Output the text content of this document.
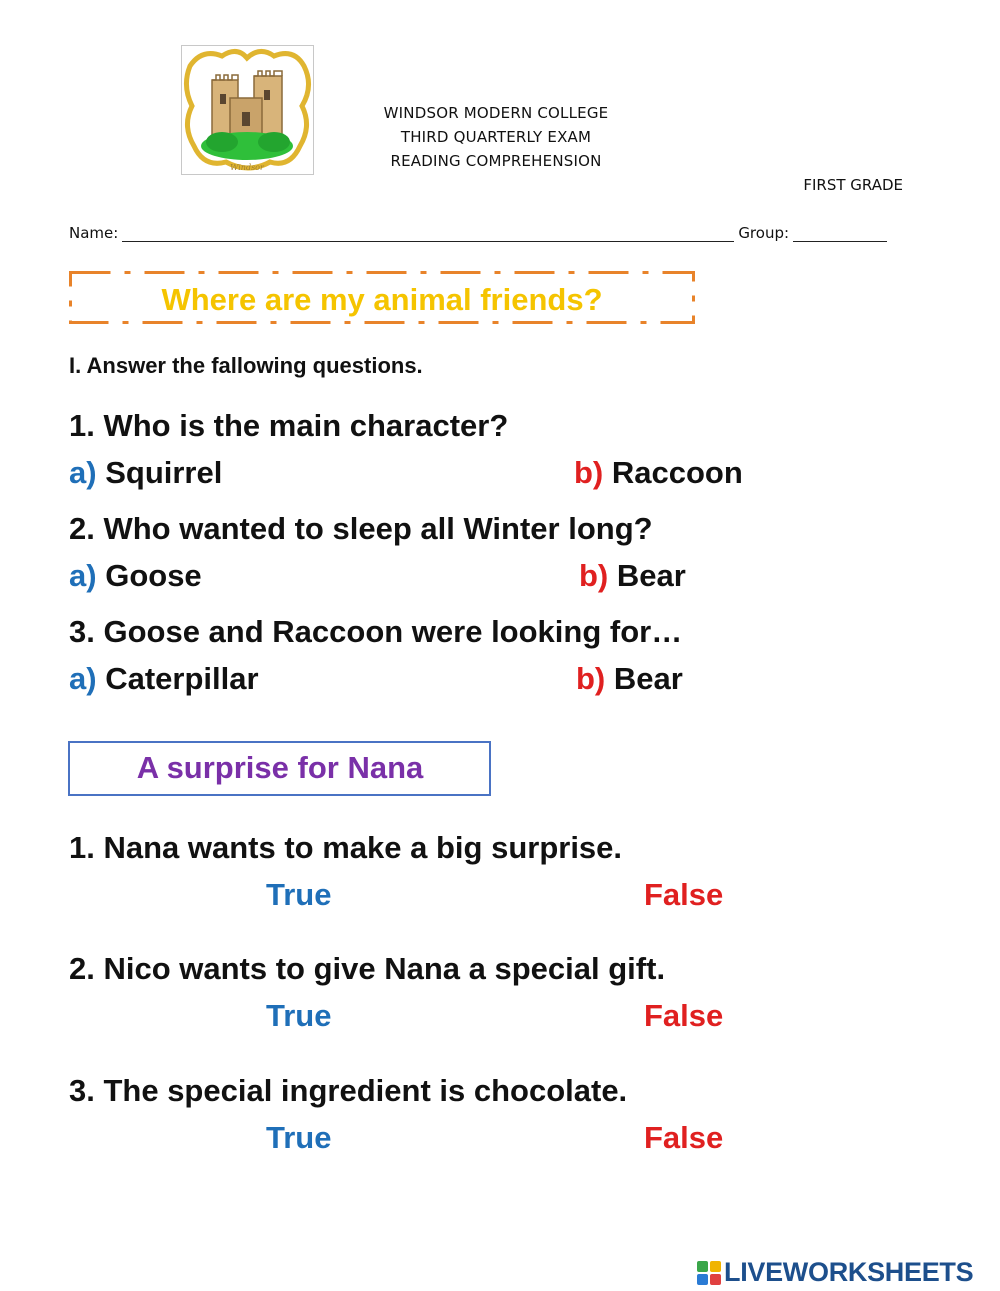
Windsor
WINDSOR MODERN COLLEGE
THIRD QUARTERLY EXAM
READING COMPREHENSION
FIRST GRADE
Name:	Group:
Where are my animal friends?
I. Answer the fallowing questions.
1. Who is the main character?
a) Squirrel	b) Raccoon
2. Who wanted to sleep all Winter long?
a) Goose	b) Bear
3. Goose and Raccoon were looking for…
a) Caterpillar	b) Bear
A surprise for Nana
1. Nana wants to make a big surprise.
True	False
2. Nico wants to give Nana a special gift.
True	False
3. The special ingredient is chocolate.
True	False
LIVEWORKSHEETS
